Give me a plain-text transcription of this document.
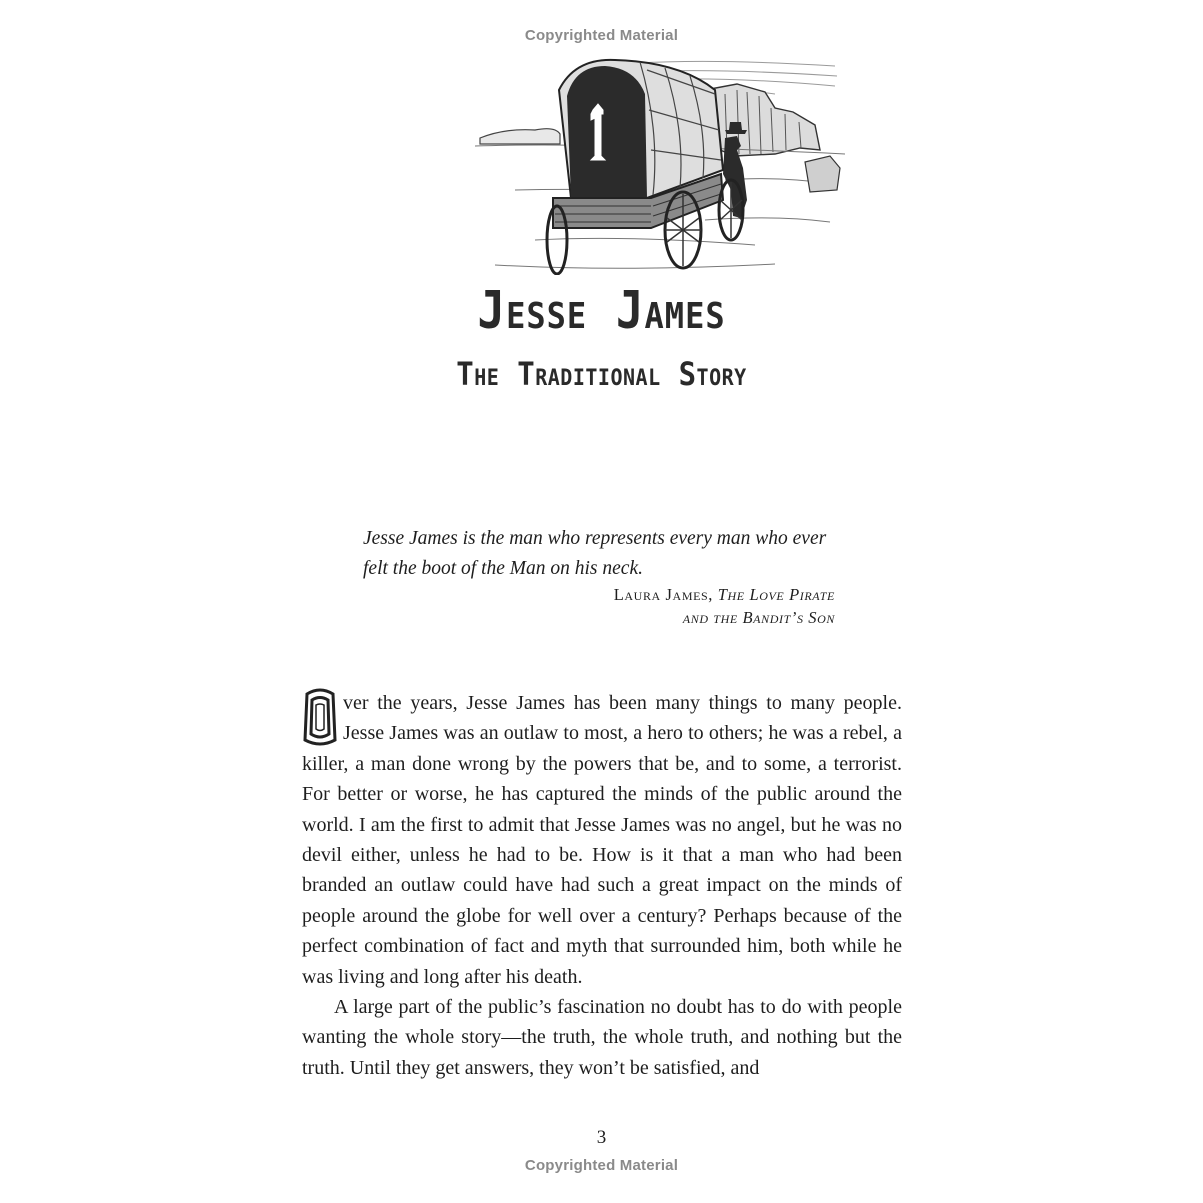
Copyrighted Material
Jesse James
The Traditional Story

Jesse James is the man who represents every man who ever felt the boot of the Man on his neck.

Laura James, The Love Pirate
and the Bandit’s Son

O
ver the years, Jesse James has been many things to many people. Jesse James was an outlaw to most, a hero to others; he was a rebel, a killer, a man done wrong by the powers that be, and to some, a terrorist. For better or worse, he has captured the minds of the public around the world. I am the first to admit that Jesse James was no angel, but he was no devil either, unless he had to be. How is it that a man who had been branded an outlaw could have had such a great impact on the minds of people around the globe for well over a century? Perhaps because of the perfect combination of fact and myth that surrounded him, both while he was living and long after his death.

A large part of the public’s fascination no doubt has to do with people wanting the whole story—the truth, the whole truth, and nothing but the truth. Until they get answers, they won’t be satisfied, and

3
Copyrighted Material
